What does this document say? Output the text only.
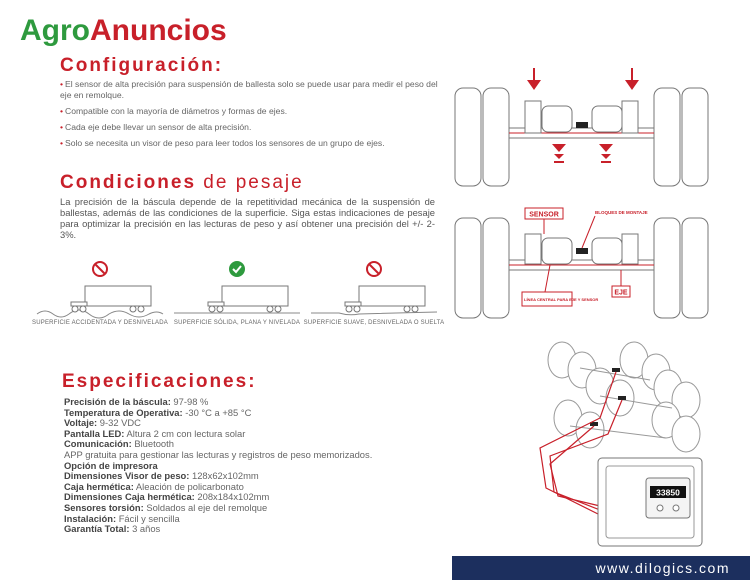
AgroAnuncios
Configuración:
• El sensor de alta precisión para suspensión de ballesta solo se puede usar para medir el peso del eje en remolque.
• Compatible con la mayoría de diámetros y formas de ejes.
• Cada eje debe llevar un sensor de alta precisión.
• Solo se necesita un visor de peso para leer todos los sensores de un grupo de ejes.
Condiciones de pesaje
La precisión de la báscula depende de la repetitividad mecánica de la suspensión de ballestas, además de las condiciones de la superficie. Siga estas indicaciones de pesaje para optimizar la precisión en las lecturas de peso y así obtener una precisión del +/- 2-3%.
SUPERFICIE ACCIDENTADA Y DESNIVELADA SUPERFICIE SÓLIDA, PLANA Y NIVELADA SUPERFICIE SUAVE, DESNIVELADA O SUELTA
SENSOR	BLOQUES DE MONTAJE
LÍNEA CENTRAL PARA EJE Y SENSOR
EJE
33850
Especificaciones:
Precisión de la báscula: 97-98 %
Temperatura de Operativa: -30 °C a +85 °C
Voltaje: 9-32 VDC
Pantalla LED: Altura 2 cm con lectura solar
Comunicación: Bluetooth
APP gratuita para gestionar las lecturas y registros de peso memorizados.
Opción de impresora
Dimensiones Visor de peso: 128x62x102mm
Caja hermética: Aleación de policarbonato
Dimensiones Caja hermética: 208x184x102mm
Sensores torsión: Soldados al eje del remolque
Instalación: Fácil y sencilla
Garantía Total: 3 años
www.dilogics.com
